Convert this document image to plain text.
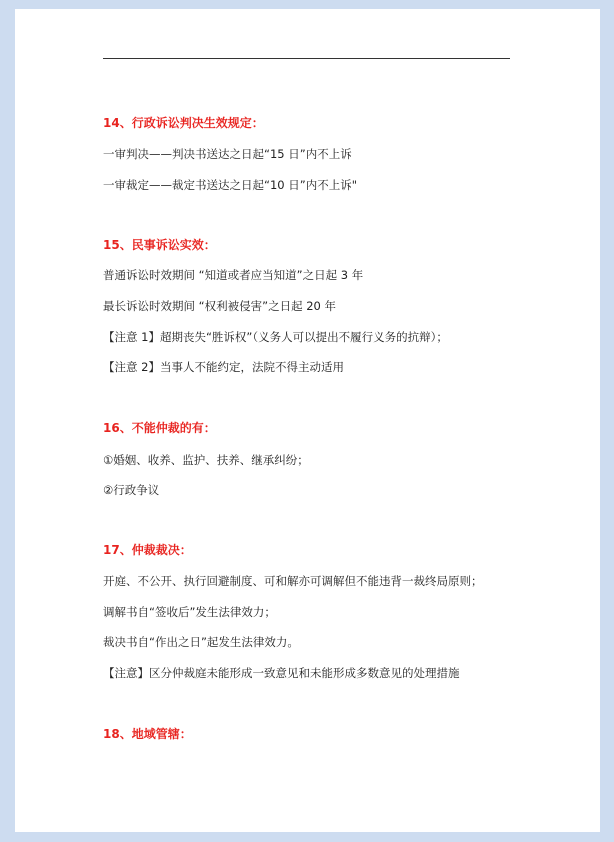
14、行政诉讼判决生效规定：
一审判决——判决书送达之日起“15 日”内不上诉
一审裁定——裁定书送达之日起“10 日”内不上诉"
15、民事诉讼实效：
普通诉讼时效期间 “知道或者应当知道”之日起 3 年
最长诉讼时效期间 “权利被侵害”之日起 20 年
【注意 1】超期丧失“胜诉权”（义务人可以提出不履行义务的抗辩）；
【注意 2】当事人不能约定，法院不得主动适用
16、不能仲裁的有：
①婚姻、收养、监护、扶养、继承纠纷；
②行政争议
17、仲裁裁决：
开庭、不公开、执行回避制度、可和解亦可调解但不能违背一裁终局原则；
调解书自“签收后”发生法律效力；
裁决书自“作出之日”起发生法律效力。
【注意】区分仲裁庭未能形成一致意见和未能形成多数意见的处理措施
18、地域管辖：
